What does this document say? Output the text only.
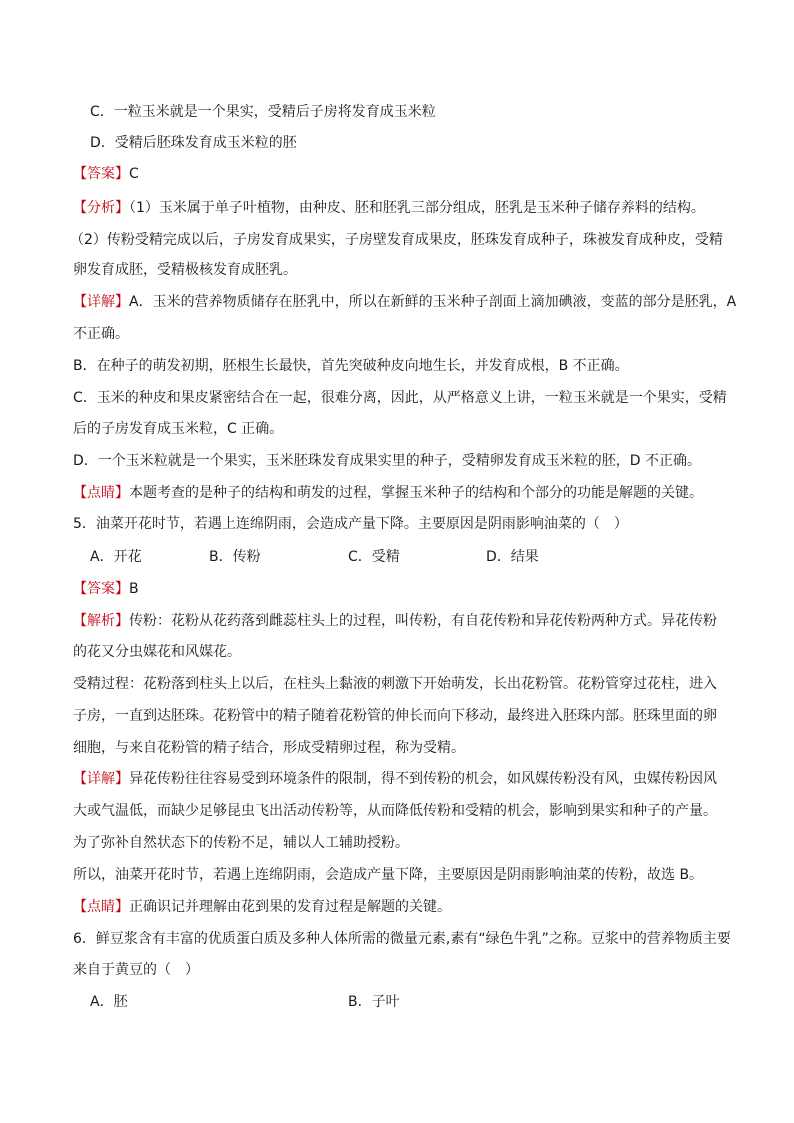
C．一粒玉米就是一个果实，受精后子房将发育成玉米粒
D．受精后胚珠发育成玉米粒的胚
【答案】C
【分析】（1）玉米属于单子叶植物，由种皮、胚和胚乳三部分组成，胚乳是玉米种子储存养料的结构。
（2）传粉受精完成以后，子房发育成果实，子房壁发育成果皮，胚珠发育成种子，珠被发育成种皮，受精
卵发育成胚，受精极核发育成胚乳。
【详解】A．玉米的营养物质储存在胚乳中，所以在新鲜的玉米种子剖面上滴加碘液，变蓝的部分是胚乳，A
不正确。
B．在种子的萌发初期，胚根生长最快，首先突破种皮向地生长，并发育成根，B 不正确。
C．玉米的种皮和果皮紧密结合在一起，很难分离，因此，从严格意义上讲，一粒玉米就是一个果实，受精
后的子房发育成玉米粒，C 正确。
D．一个玉米粒就是一个果实，玉米胚珠发育成果实里的种子，受精卵发育成玉米粒的胚，D 不正确。
【点睛】本题考查的是种子的结构和萌发的过程，掌握玉米种子的结构和个部分的功能是解题的关键。
5．油菜开花时节，若遇上连绵阴雨，会造成产量下降。主要原因是阴雨影响油菜的（　）
A．开花	B．传粉	C．受精	D．结果
【答案】B
【解析】传粉：花粉从花药落到雌蕊柱头上的过程，叫传粉，有自花传粉和异花传粉两种方式。异花传粉
的花又分虫媒花和风媒花。
受精过程：花粉落到柱头上以后，在柱头上黏液的刺激下开始萌发，长出花粉管。花粉管穿过花柱，进入
子房，一直到达胚珠。花粉管中的精子随着花粉管的伸长而向下移动，最终进入胚珠内部。胚珠里面的卵
细胞，与来自花粉管的精子结合，形成受精卵过程，称为受精。
【详解】异花传粉往往容易受到环境条件的限制，得不到传粉的机会，如风媒传粉没有风，虫媒传粉因风
大或气温低，而缺少足够昆虫飞出活动传粉等，从而降低传粉和受精的机会，影响到果实和种子的产量。
为了弥补自然状态下的传粉不足，辅以人工辅助授粉。
所以，油菜开花时节，若遇上连绵阴雨，会造成产量下降，主要原因是阴雨影响油菜的传粉，故选 B。
【点睛】正确识记并理解由花到果的发育过程是解题的关键。
6．鲜豆浆含有丰富的优质蛋白质及多种人体所需的微量元素,素有“绿色牛乳”之称。豆浆中的营养物质主要
来自于黄豆的（　）
A．胚	B．子叶
